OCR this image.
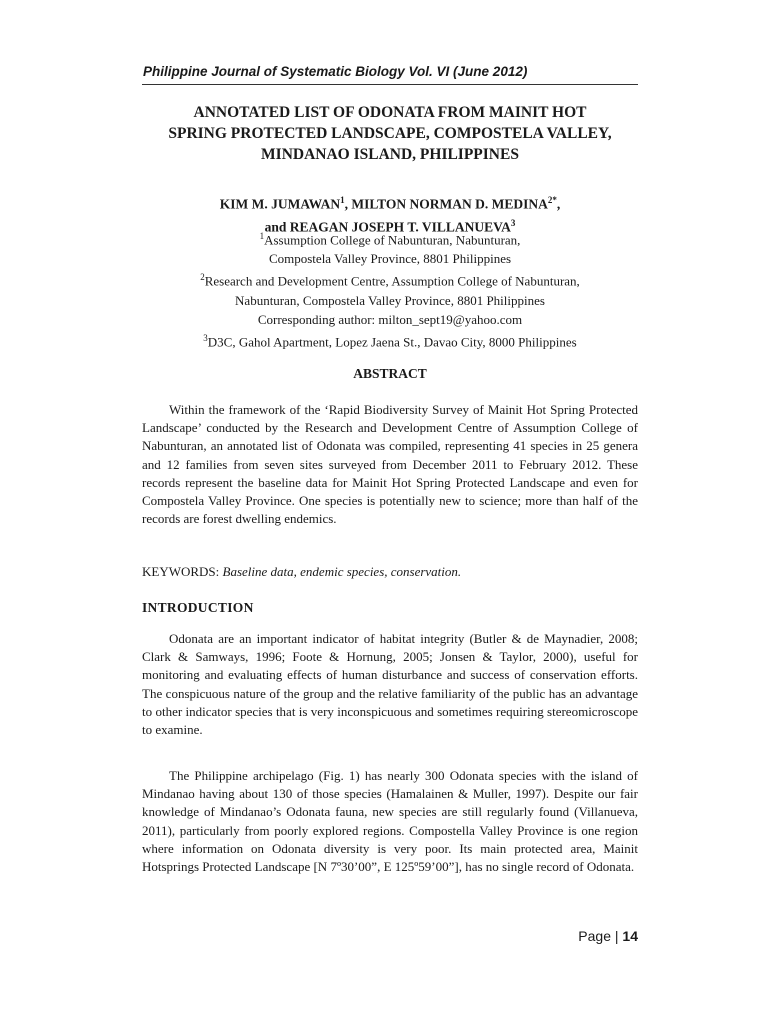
Philippine Journal of Systematic Biology Vol. VI (June 2012)
ANNOTATED LIST OF ODONATA FROM MAINIT HOT
SPRING PROTECTED LANDSCAPE, COMPOSTELA VALLEY,
MINDANAO ISLAND, PHILIPPINES
KIM M. JUMAWAN$^1$, MILTON NORMAN D. $MEDINA^{2*}$,
and REAGAN JOSEPH T. VILLANUEVA$^3$
$^1$Assumption College of Nabunturan, Nabunturan,
Compostela Valley Province, 8801 Philippines
$^2$Research and Development Centre, Assumption College of Nabunturan,
Nabunturan, Compostela Valley Province, 8801 Philippines
Corresponding author: milton_sept19@yahoo.com
$^3$D3C, Gahol Apartment, Lopez Jaena St., Davao City, 8000 Philippines
ABSTRACT

Within the framework of the ‘Rapid Biodiversity Survey of Mainit Hot Spring Protected Landscape’ conducted by the Research and Development Centre of Assumption College of Nabunturan, an annotated list of Odonata was compiled, representing 41 species in 25 genera and 12 families from seven sites surveyed from December 2011 to February 2012. These records represent the baseline data for Mainit Hot Spring Protected Landscape and even for Compostela Valley Province. One species is potentially new to science; more than half of the records are forest dwelling endemics.

KEYWORDS: Baseline data, endemic species, conservation.
INTRODUCTION

Odonata are an important indicator of habitat integrity (Butler & de Maynadier, 2008; Clark & Samways, 1996; Foote & Hornung, 2005; Jonsen & Taylor, 2000), useful for monitoring and evaluating effects of human disturbance and success of conservation efforts. The conspicuous nature of the group and the relative familiarity of the public has an advantage to other indicator species that is very inconspicuous and sometimes requiring stereomicroscope to examine.

The Philippine archipelago (Fig. 1) has nearly 300 Odonata species with the island of Mindanao having about 130 of those species (Hamalainen & Muller, 1997). Despite our fair knowledge of Mindanao’s Odonata fauna, new species are still regularly found (Villanueva, 2011), particularly from poorly explored regions. Compostella Valley Province is one region where information on Odonata diversity is very poor. Its main protected area, Mainit Hotsprings Protected Landscape [N 7º30’00”, E 125º59’00”], has no single record of Odonata.

Page | 14
